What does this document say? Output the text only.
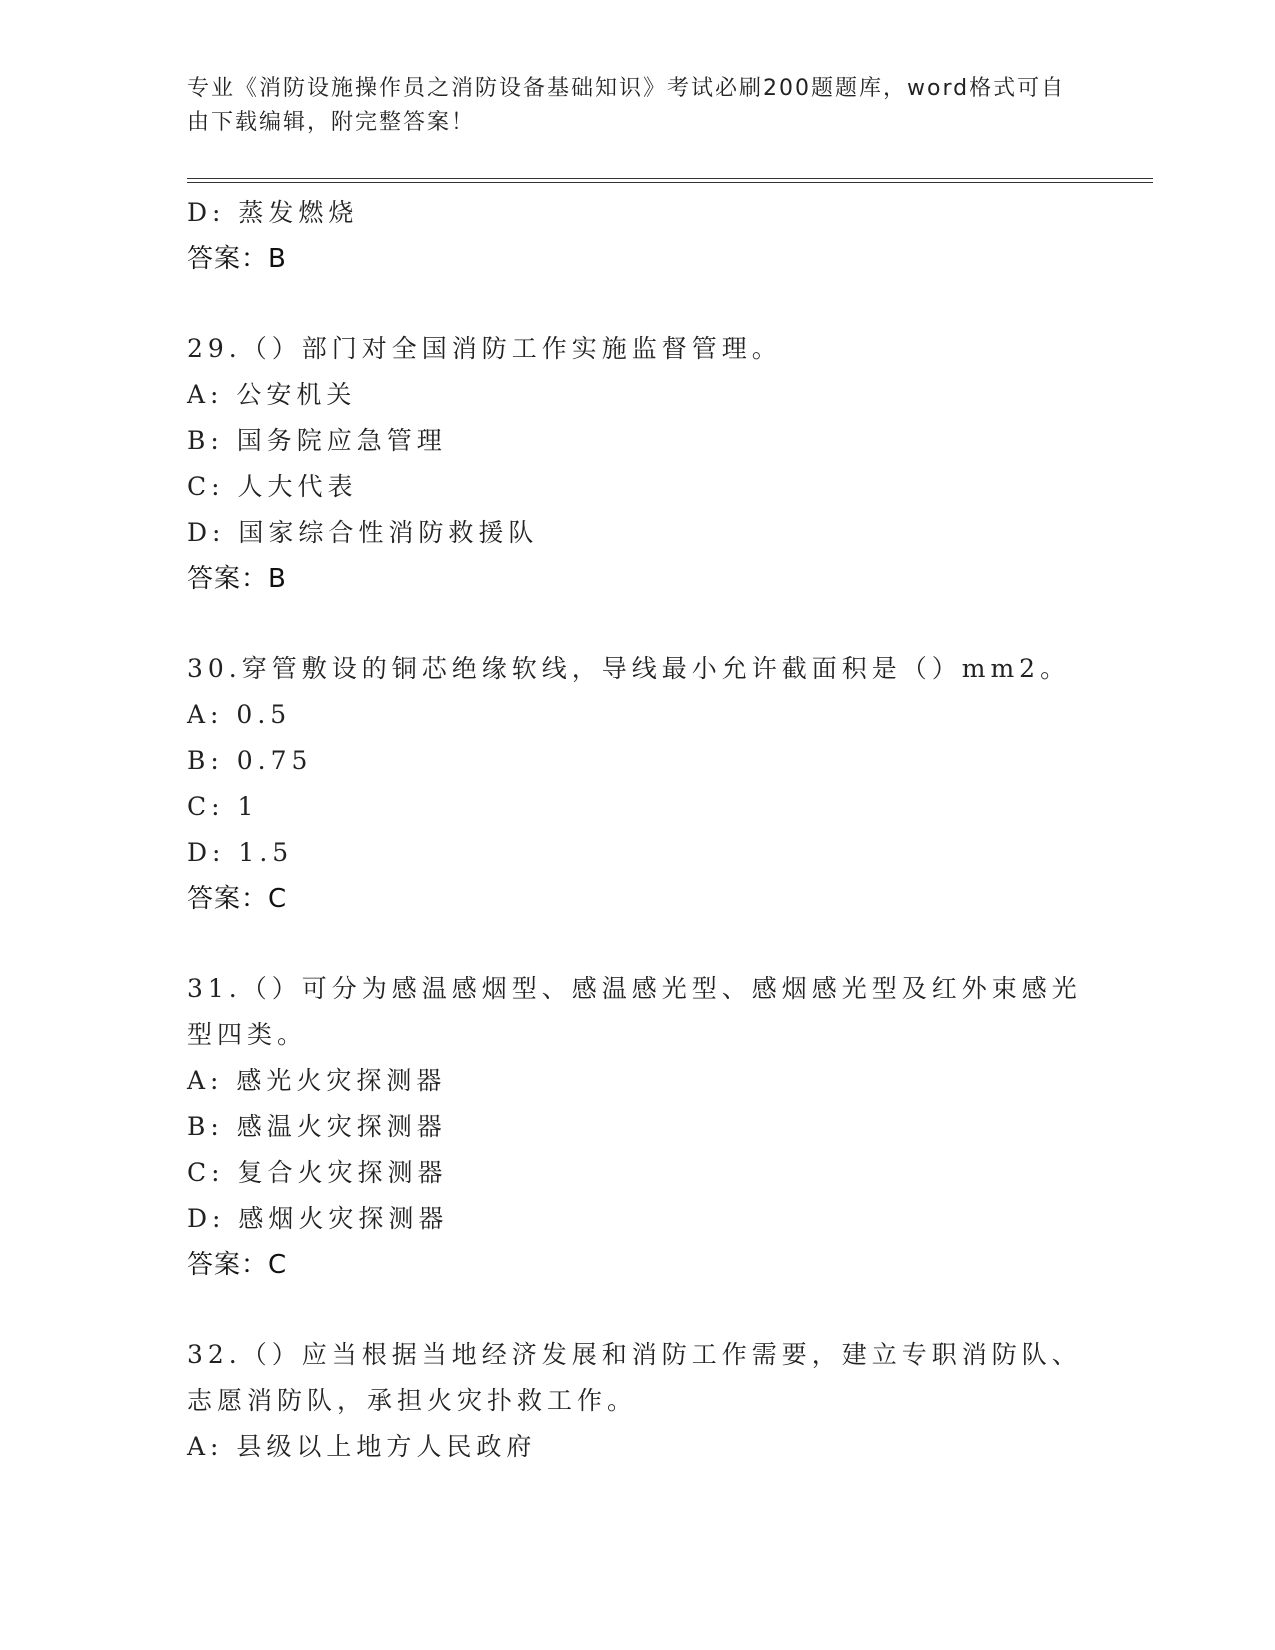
专业《消防设施操作员之消防设备基础知识》考试必刷200题题库，word格式可自由下载编辑，附完整答案！
D: 蒸发燃烧
答案：B
29.（）部门对全国消防工作实施监督管理。
A: 公安机关
B: 国务院应急管理
C: 人大代表
D: 国家综合性消防救援队
答案：B
30.穿管敷设的铜芯绝缘软线，导线最小允许截面积是（）mm2。
A: 0.5
B: 0.75
C: 1
D: 1.5
答案：C
31.（）可分为感温感烟型、感温感光型、感烟感光型及红外束感光型四类。
A: 感光火灾探测器
B: 感温火灾探测器
C: 复合火灾探测器
D: 感烟火灾探测器
答案：C
32.（）应当根据当地经济发展和消防工作需要，建立专职消防队、志愿消防队，承担火灾扑救工作。
A: 县级以上地方人民政府
